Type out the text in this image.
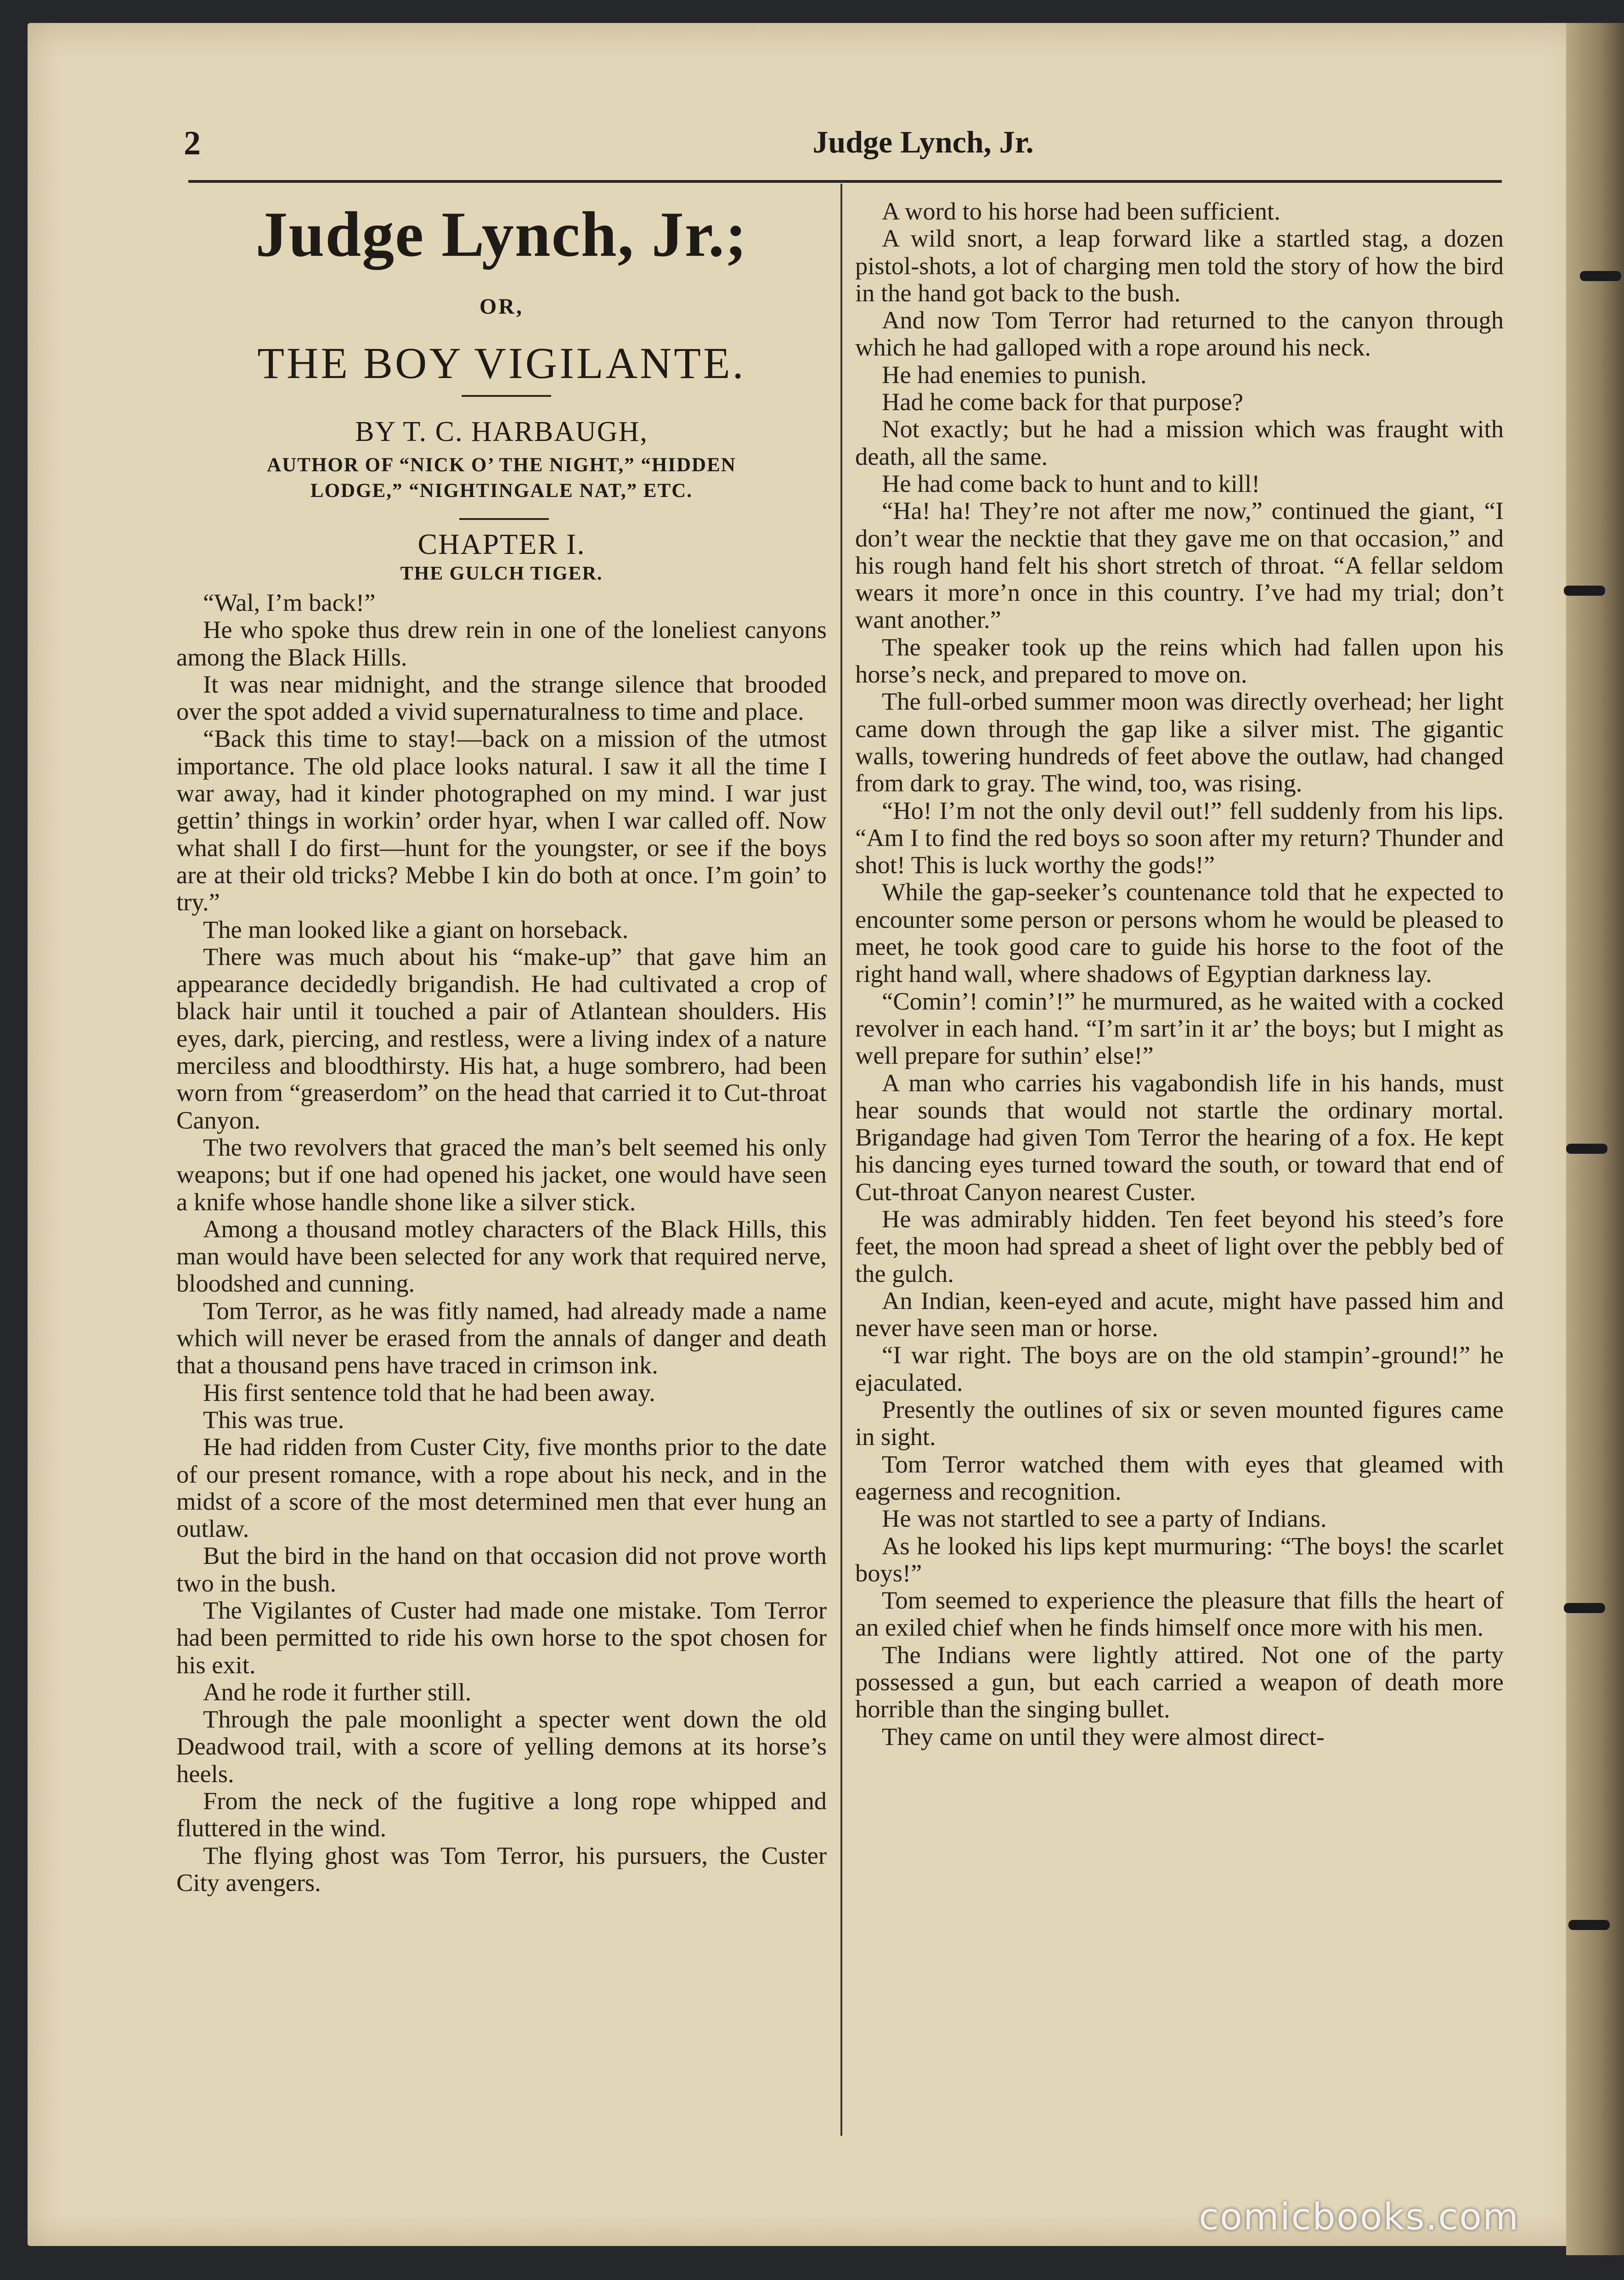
2	Judge Lynch, Jr.
Judge Lynch, Jr.;
OR,
THE BOY VIGILANTE.
BY T. C. HARBAUGH,
AUTHOR OF “NICK O’ THE NIGHT,” “HIDDEN
LODGE,” “NIGHTINGALE NAT,” ETC.
CHAPTER I.
THE GULCH TIGER.

“Wal, I’m back!”

He who spoke thus drew rein in one of the loneliest canyons among the Black Hills.

It was near midnight, and the strange silence that brooded over the spot added a vivid supernaturalness to time and place.

“Back this time to stay!—back on a mission of the utmost importance. The old place looks natural. I saw it all the time I war away, had it kinder photographed on my mind. I war just gettin’ things in workin’ order hyar, when I war called off. Now what shall I do first—hunt for the youngster, or see if the boys are at their old tricks? Mebbe I kin do both at once. I’m goin’ to try.”

The man looked like a giant on horseback.

There was much about his “make-up” that gave him an appearance decidedly brigandish. He had cultivated a crop of black hair until it touched a pair of Atlantean shoulders. His eyes, dark, piercing, and restless, were a living index of a nature merciless and bloodthirsty. His hat, a huge sombrero, had been worn from “greaserdom” on the head that carried it to Cut-throat Canyon.

The two revolvers that graced the man’s belt seemed his only weapons; but if one had opened his jacket, one would have seen a knife whose handle shone like a silver stick.

Among a thousand motley characters of the Black Hills, this man would have been selected for any work that required nerve, bloodshed and cunning.

Tom Terror, as he was fitly named, had already made a name which will never be erased from the annals of danger and death that a thousand pens have traced in crimson ink.

His first sentence told that he had been away.

This was true.

He had ridden from Custer City, five months prior to the date of our present romance, with a rope about his neck, and in the midst of a score of the most determined men that ever hung an outlaw.

But the bird in the hand on that occasion did not prove worth two in the bush.

The Vigilantes of Custer had made one mistake. Tom Terror had been permitted to ride his own horse to the spot chosen for his exit.

And he rode it further still.

Through the pale moonlight a specter went down the old Deadwood trail, with a score of yelling demons at its horse’s heels.

From the neck of the fugitive a long rope whipped and fluttered in the wind.

The flying ghost was Tom Terror, his pursuers, the Custer City avengers.

A word to his horse had been sufficient.

A wild snort, a leap forward like a startled stag, a dozen pistol-shots, a lot of charging men told the story of how the bird in the hand got back to the bush.

And now Tom Terror had returned to the canyon through which he had galloped with a rope around his neck.

He had enemies to punish.

Had he come back for that purpose?

Not exactly; but he had a mission which was fraught with death, all the same.

He had come back to hunt and to kill!

“Ha! ha! They’re not after me now,” continued the giant, “I don’t wear the necktie that they gave me on that occasion,” and his rough hand felt his short stretch of throat. “A fellar seldom wears it more’n once in this country. I’ve had my trial; don’t want another.”

The speaker took up the reins which had fallen upon his horse’s neck, and prepared to move on.

The full-orbed summer moon was directly overhead; her light came down through the gap like a silver mist. The gigantic walls, towering hundreds of feet above the outlaw, had changed from dark to gray. The wind, too, was rising.

“Ho! I’m not the only devil out!” fell suddenly from his lips. “Am I to find the red boys so soon after my return? Thunder and shot! This is luck worthy the gods!”

While the gap-seeker’s countenance told that he expected to encounter some person or persons whom he would be pleased to meet, he took good care to guide his horse to the foot of the right hand wall, where shadows of Egyptian darkness lay.

“Comin’! comin’!” he murmured, as he waited with a cocked revolver in each hand. “I’m sart’in it ar’ the boys; but I might as well prepare for suthin’ else!”

A man who carries his vagabondish life in his hands, must hear sounds that would not startle the ordinary mortal. Brigandage had given Tom Terror the hearing of a fox. He kept his dancing eyes turned toward the south, or toward that end of Cut-throat Canyon nearest Custer.

He was admirably hidden. Ten feet beyond his steed’s fore feet, the moon had spread a sheet of light over the pebbly bed of the gulch.

An Indian, keen-eyed and acute, might have passed him and never have seen man or horse.

“I war right. The boys are on the old stampin’-ground!” he ejaculated.

Presently the outlines of six or seven mounted figures came in sight.

Tom Terror watched them with eyes that gleamed with eagerness and recognition.

He was not startled to see a party of Indians.

As he looked his lips kept murmuring: “The boys! the scarlet boys!”

Tom seemed to experience the pleasure that fills the heart of an exiled chief when he finds himself once more with his men.

The Indians were lightly attired. Not one of the party possessed a gun, but each carried a weapon of death more horrible than the singing bullet.

They came on until they were almost direct-

comicbooks.com
